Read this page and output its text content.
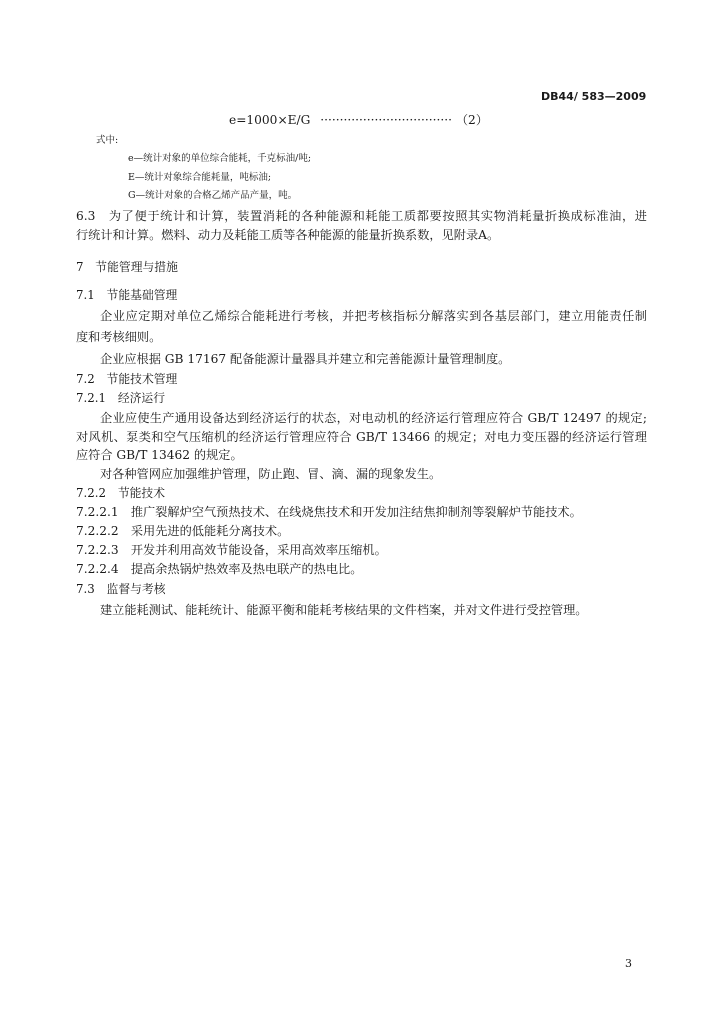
DB44/ 583—2009
e=1000×E/G ·································· （2）
式中:
e—统计对象的单位综合能耗，千克标油/吨;
E—统计对象综合能耗量，吨标油;
G—统计对象的合格乙烯产品产量，吨。
6.3　为了便于统计和计算，装置消耗的各种能源和耗能工质都要按照其实物消耗量折换成标准油，进
行统计和计算。燃料、动力及耗能工质等各种能源的能量折换系数，见附录A。
7　节能管理与措施
7.1　节能基础管理
企业应定期对单位乙烯综合能耗进行考核，并把考核指标分解落实到各基层部门，建立用能责任制
度和考核细则。
企业应根据 GB 17167 配备能源计量器具并建立和完善能源计量管理制度。
7.2　节能技术管理
7.2.1　经济运行
企业应使生产通用设备达到经济运行的状态，对电动机的经济运行管理应符合 GB/T 12497 的规定;
对风机、泵类和空气压缩机的经济运行管理应符合 GB/T 13466 的规定；对电力变压器的经济运行管理
应符合 GB/T 13462 的规定。
对各种管网应加强维护管理，防止跑、冒、滴、漏的现象发生。
7.2.2　节能技术
7.2.2.1　推广裂解炉空气预热技术、在线烧焦技术和开发加注结焦抑制剂等裂解炉节能技术。
7.2.2.2　采用先进的低能耗分离技术。
7.2.2.3　开发并利用高效节能设备，采用高效率压缩机。
7.2.2.4　提高余热锅炉热效率及热电联产的热电比。
7.3　监督与考核
建立能耗测试、能耗统计、能源平衡和能耗考核结果的文件档案，并对文件进行受控管理。
3
